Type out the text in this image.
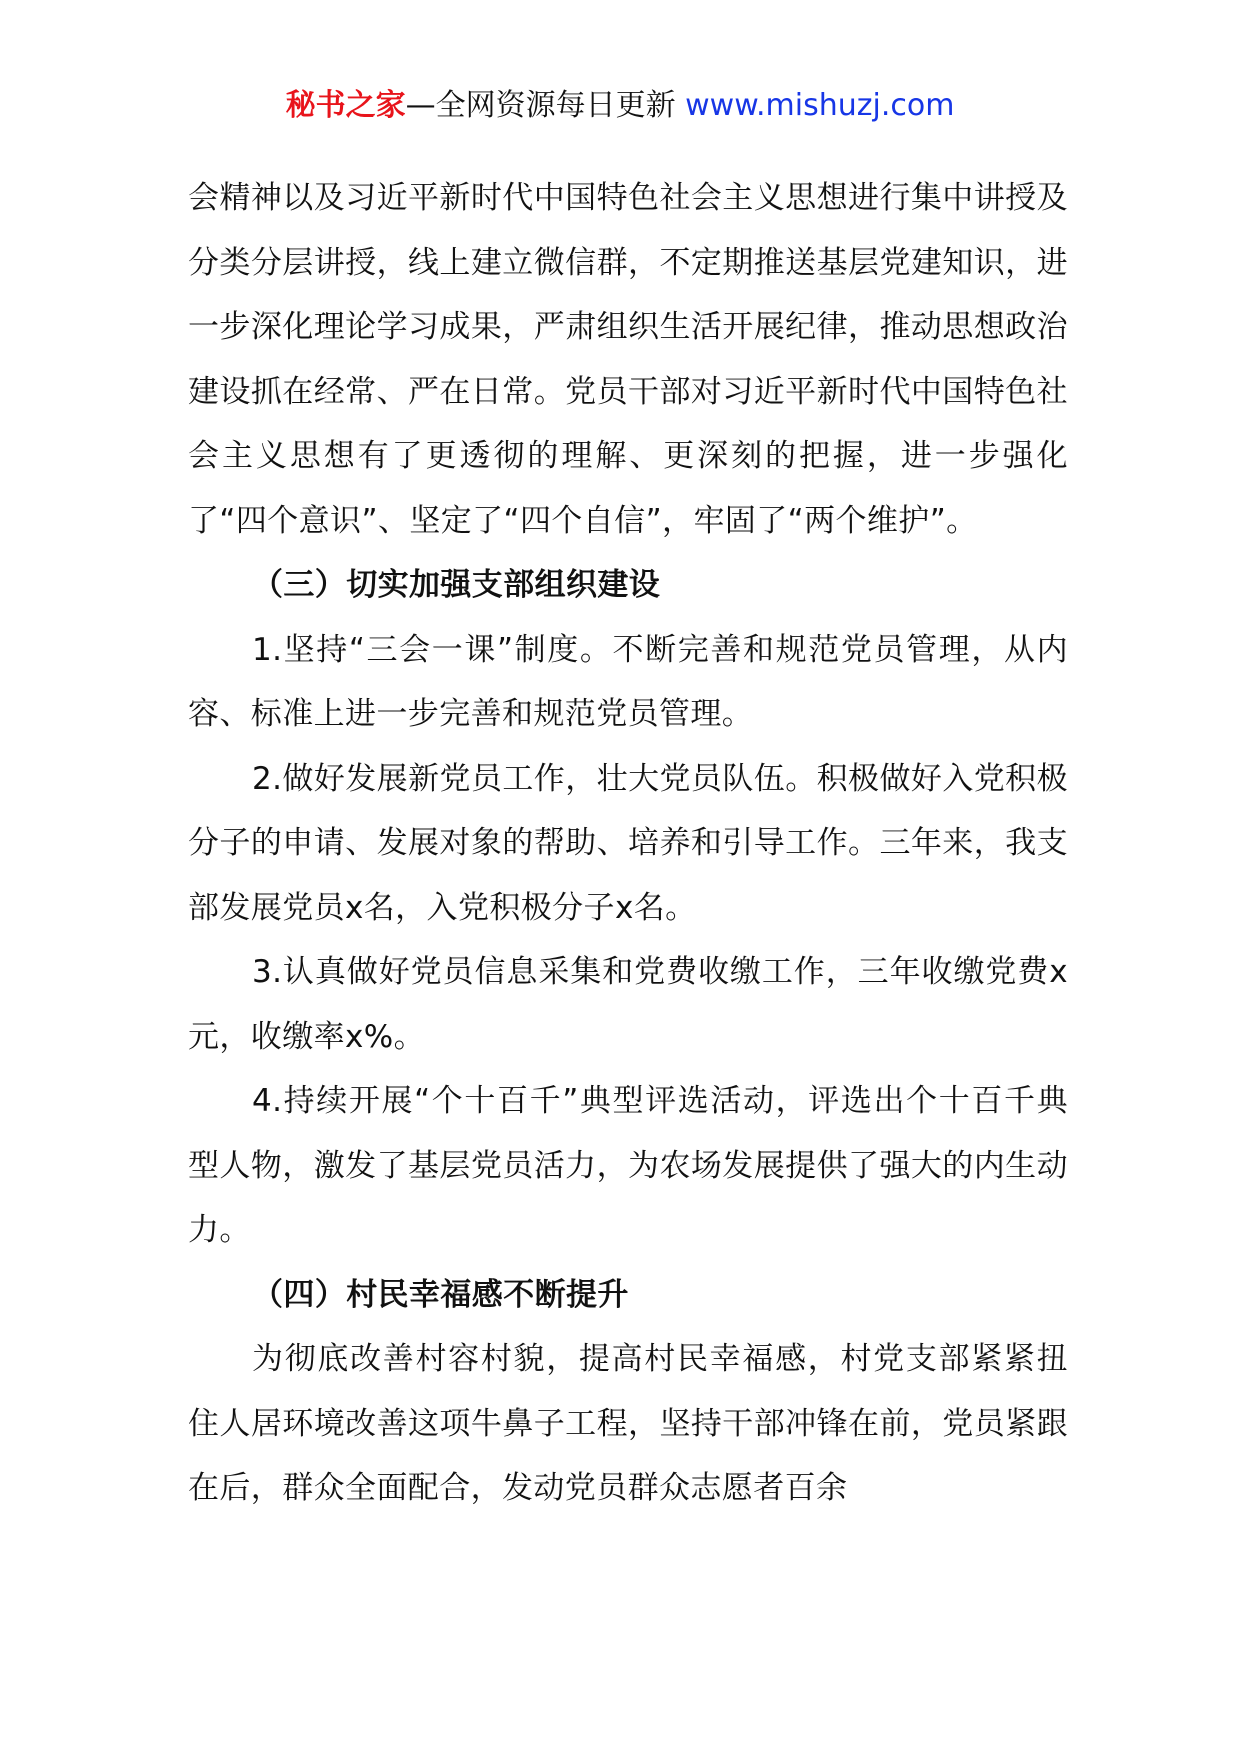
秘书之家—全网资源每日更新 www.mishuzj.com

会精神以及习近平新时代中国特色社会主义思想进行集中讲授及分类分层讲授，线上建立微信群，不定期推送基层党建知识，进一步深化理论学习成果，严肃组织生活开展纪律，推动思想政治建设抓在经常、严在日常。党员干部对习近平新时代中国特色社会主义思想有了更透彻的理解、更深刻的把握，进一步强化了“四个意识”、坚定了“四个自信”，牢固了“两个维护”。

（三）切实加强支部组织建设

1.坚持“三会一课”制度。不断完善和规范党员管理，从内容、标准上进一步完善和规范党员管理。

2.做好发展新党员工作，壮大党员队伍。积极做好入党积极分子的申请、发展对象的帮助、培养和引导工作。三年来，我支部发展党员x名，入党积极分子x名。

3.认真做好党员信息采集和党费收缴工作，三年收缴党费x元，收缴率x%。

4.持续开展“个十百千”典型评选活动，评选出个十百千典型人物，激发了基层党员活力，为农场发展提供了强大的内生动力。

（四）村民幸福感不断提升

为彻底改善村容村貌，提高村民幸福感，村党支部紧紧扭住人居环境改善这项牛鼻子工程，坚持干部冲锋在前，党员紧跟在后，群众全面配合，发动党员群众志愿者百余
